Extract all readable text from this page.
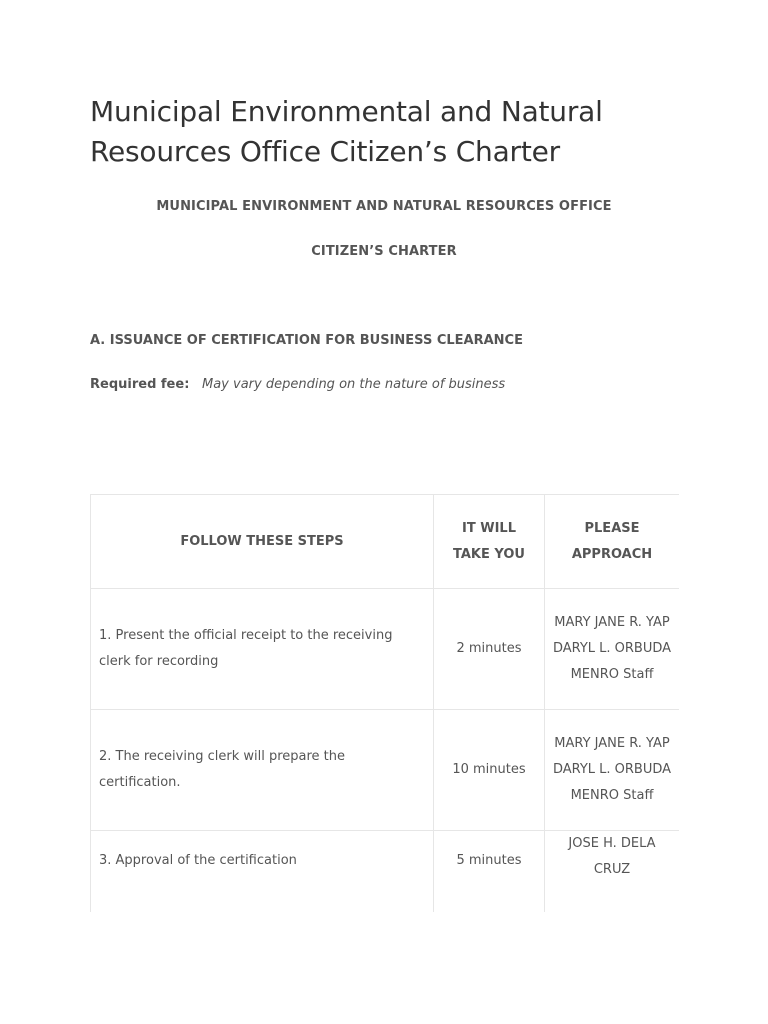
Municipal Environmental and Natural Resources Office Citizen’s Charter

MUNICIPAL ENVIRONMENT AND NATURAL RESOURCES OFFICE

CITIZEN’S CHARTER

A. ISSUANCE OF CERTIFICATION FOR BUSINESS CLEARANCE

Required fee: May vary depending on the nature of business
FOLLOW THESE STEPS	IT WILL TAKE YOU	PLEASE APPROACH
1. Present the official receipt to the receiving clerk for recording	2 minutes	MARY JANE R. YAP
DARYL L. ORBUDA
MENRO Staff

2. The receiving clerk will prepare the certification.	10 minutes	MARY JANE R. YAP
DARYL L. ORBUDA
MENRO Staff

3. Approval of the certification	5 minutes	JOSE H. DELA CRUZ
